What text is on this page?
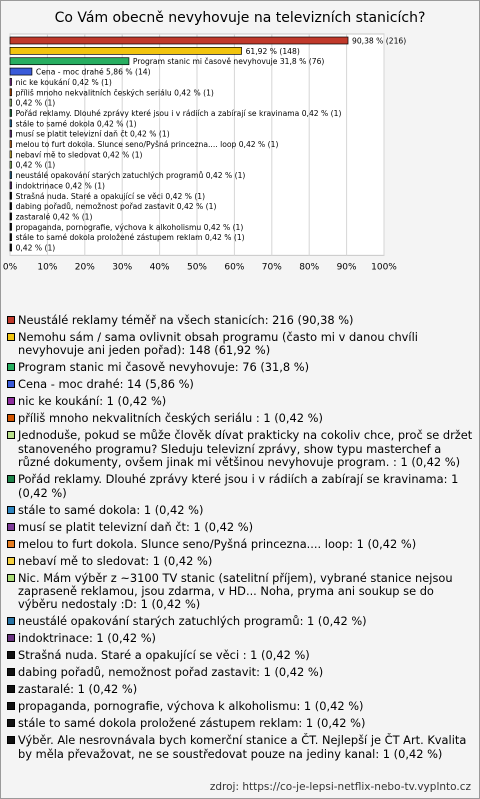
Co Vám obecně nevyhovuje na televizních stanicích?
0% 10% 20% 30% 40% 50% 60% 70% 80% 90% 100%
90,38 % (216)
61,92 % (148)
Program stanic mi časově nevyhovuje 31,8 % (76)
Cena - moc drahé 5,86 % (14)
nic ke koukání 0,42 % (1)
příliš mnoho nekvalitních českých seriálu 0,42 % (1)
0,42 % (1)
Pořád reklamy. Dlouhé zprávy které jsou i v rádiích a zabírají se kravinama 0,42 % (1)
stále to samé dokola 0,42 % (1)
musí se platit televizní daň čt 0,42 % (1)
melou to furt dokola. Slunce seno/Pyšná princezna.... loop 0,42 % (1)
nebaví mě to sledovat 0,42 % (1)
0,42 % (1)
neustálé opakování starých zatuchlých programů 0,42 % (1)
indoktrinace 0,42 % (1)
Strašná nuda. Staré a opakující se věci 0,42 % (1)
dabing pořadů, nemožnost pořad zastavit 0,42 % (1)
zastaralé 0,42 % (1)
propaganda, pornografie, výchova k alkoholismu 0,42 % (1)
stále to samé dokola proložené zástupem reklam 0,42 % (1)
0,42 % (1)
Neustálé reklamy téměř na všech stanicích: 216 (90,38 %)
Nemohu sám / sama ovlivnit obsah programu (často mi v danou chvíli nevyhovuje ani jeden pořad): 148 (61,92 %)
Program stanic mi časově nevyhovuje: 76 (31,8 %)
Cena - moc drahé: 14 (5,86 %)
nic ke koukání: 1 (0,42 %)
příliš mnoho nekvalitních českých seriálu : 1 (0,42 %)
Jednoduše, pokud se může člověk dívat prakticky na cokoliv chce, proč se držet stanoveného programu? Sleduju televizní zprávy, show typu masterchef a různé dokumenty, ovšem jinak mi většinou nevyhovuje program. : 1 (0,42 %)
Pořád reklamy. Dlouhé zprávy které jsou i v rádiích a zabírají se kravinama: 1 (0,42 %)
stále to samé dokola: 1 (0,42 %)
musí se platit televizní daň čt: 1 (0,42 %)
melou to furt dokola. Slunce seno/Pyšná princezna.... loop: 1 (0,42 %)
nebaví mě to sledovat: 1 (0,42 %)
Nic. Mám výběr z ~3100 TV stanic (satelitní příjem), vybrané stanice nejsou zapraseně reklamou, jsou zdarma, v HD... Noha, pryma ani soukup se do výběru nedostaly :D: 1 (0,42 %)
neustálé opakování starých zatuchlých programů: 1 (0,42 %)
indoktrinace: 1 (0,42 %)
Strašná nuda. Staré a opakující se věci : 1 (0,42 %)
dabing pořadů, nemožnost pořad zastavit: 1 (0,42 %)
zastaralé: 1 (0,42 %)
propaganda, pornografie, výchova k alkoholismu: 1 (0,42 %)
stále to samé dokola proložené zástupem reklam: 1 (0,42 %)
Výběr. Ale nesrovnávala bych komerční stanice a ČT. Nejlepší je ČT Art. Kvalita by měla převažovat, ne se soustředovat pouze na jediny kanal: 1 (0,42 %)
zdroj: https://co-je-lepsi-netflix-nebo-tv.vyplnto.cz
